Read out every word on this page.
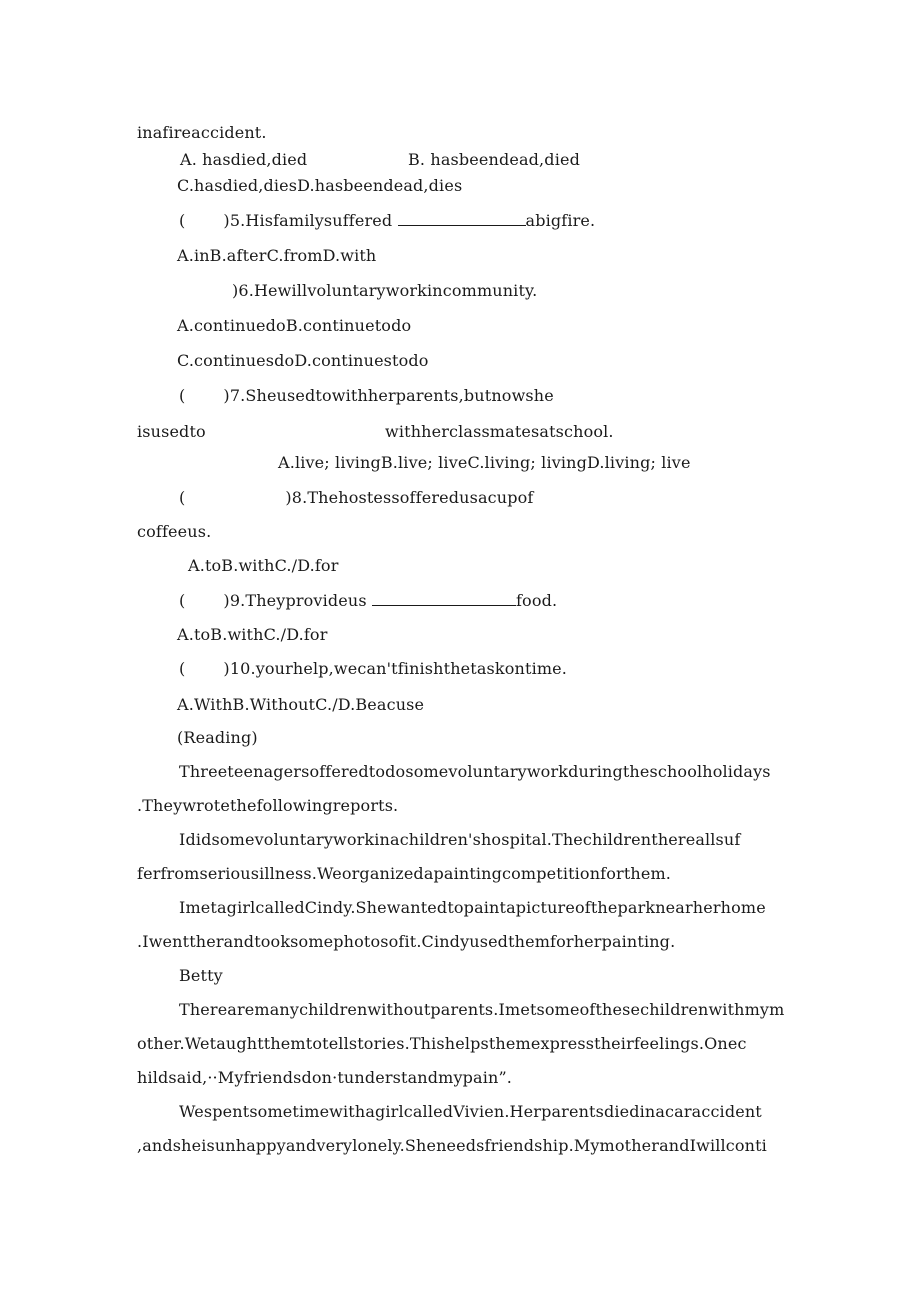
inafireaccident.
A. hasdied,died	B. hasbeendead,died
C.hasdied,diesD.hasbeendead,dies
( )5.Hisfamilysuffered	abigfire.
A.inB.afterC.fromD.with
)6.Hewillvoluntaryworkincommunity.
A.continuedoB.continuetodo
C.continuesdoD.continuestodo
( )7.Sheusedtowithherparents,butnowshe
isusedto	withherclassmatesatschool.
A.live; livingB.live; liveC.living; livingD.living; live
(	)8.Thehostessofferedusacupof
coffeeus.
A.toB.withC./D.for
( )9.Theyprovideus	food.
A.toB.withC./D.for
( )10.yourhelp,wecan'tfinishthetaskontime.
A.WithB.WithoutC./D.Beacuse
(Reading)
Threeteenagersofferedtodosomevoluntaryworkduringtheschoolholidays
.Theywrotethefollowingreports.
Ididsomevoluntaryworkinachildren'shospital.Thechildrenthereallsuf
ferfromseriousillness.Weorganizedapaintingcompetitionforthem.
ImetagirlcalledCindy.Shewantedtopaintapictureoftheparknearherhome
.Iwenttherandtooksomephotosofit.Cindyusedthemforherpainting.
Betty
Therearemanychildrenwithoutparents.Imetsomeofthesechildrenwithmym
other.Wetaughtthemtotellstories.Thishelpsthemexpresstheirfeelings.Onec
hildsaid,··Myfriendsdon·tunderstandmypain”.
WespentsometimewithagirlcalledVivien.Herparentsdiedinacaraccident
,andsheisunhappyandverylonely.Sheneedsfriendship.MymotherandIwillconti
